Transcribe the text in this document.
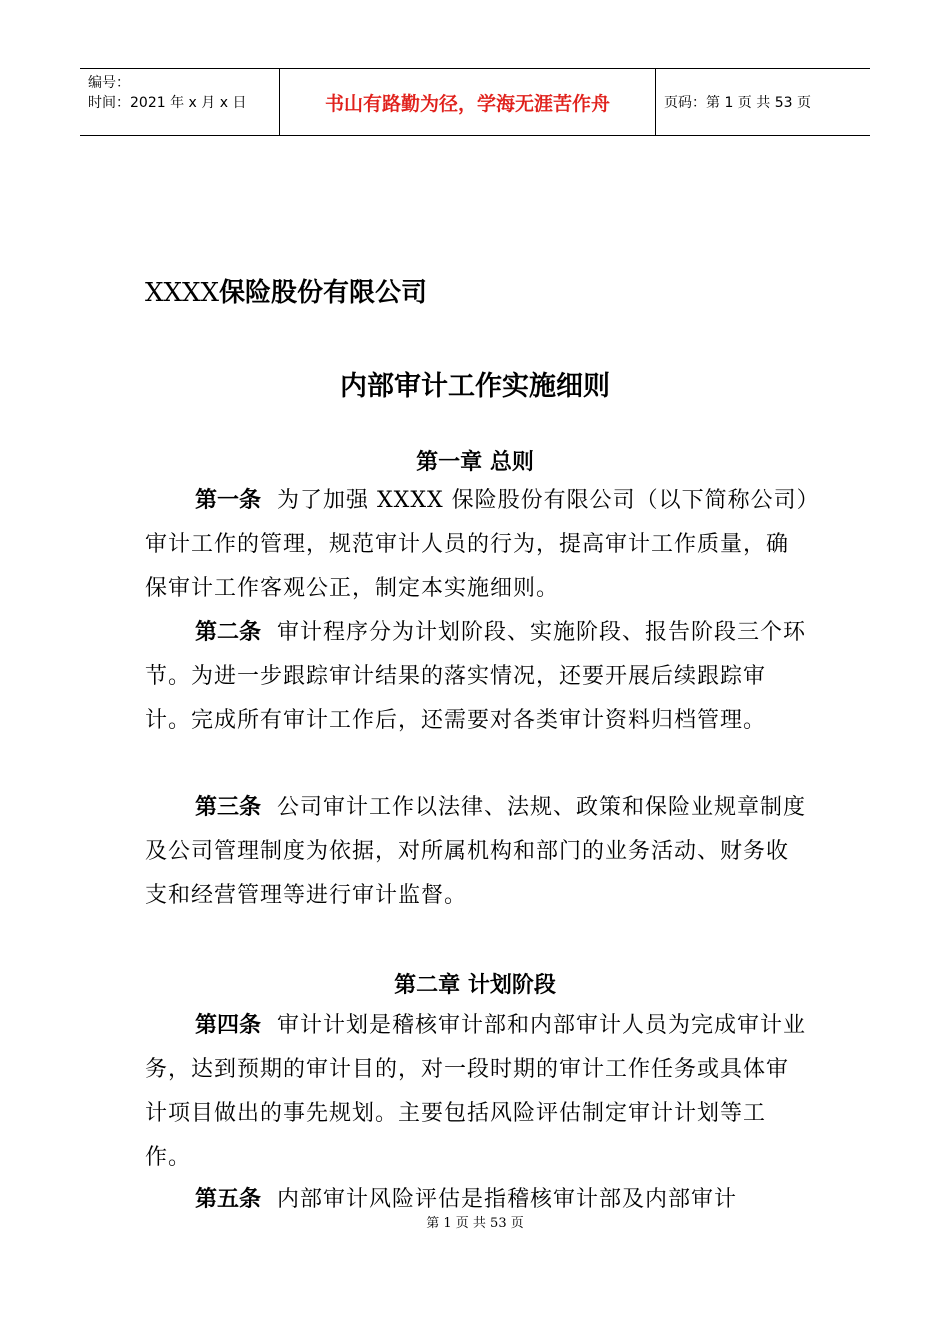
编号：
时间：2021 年 x 月 x 日	书山有路勤为径，学海无涯苦作舟	页码：第 1 页 共 53 页
XXXX保险股份有限公司
内部审计工作实施细则
第一章 总则
第一条 为了加强 XXXX 保险股份有限公司（以下简称公司）审计工作的管理，规范审计人员的行为，提高审计工作质量，确保审计工作客观公正，制定本实施细则。
第二条 审计程序分为计划阶段、实施阶段、报告阶段三个环节。为进一步跟踪审计结果的落实情况，还要开展后续跟踪审计。完成所有审计工作后，还需要对各类审计资料归档管理。
第三条 公司审计工作以法律、法规、政策和保险业规章制度及公司管理制度为依据，对所属机构和部门的业务活动、财务收支和经营管理等进行审计监督。
第二章 计划阶段
第四条 审计计划是稽核审计部和内部审计人员为完成审计业务，达到预期的审计目的，对一段时期的审计工作任务或具体审计项目做出的事先规划。主要包括风险评估制定审计计划等工作。
第五条 内部审计风险评估是指稽核审计部及内部审计
第 1 页 共 53 页
